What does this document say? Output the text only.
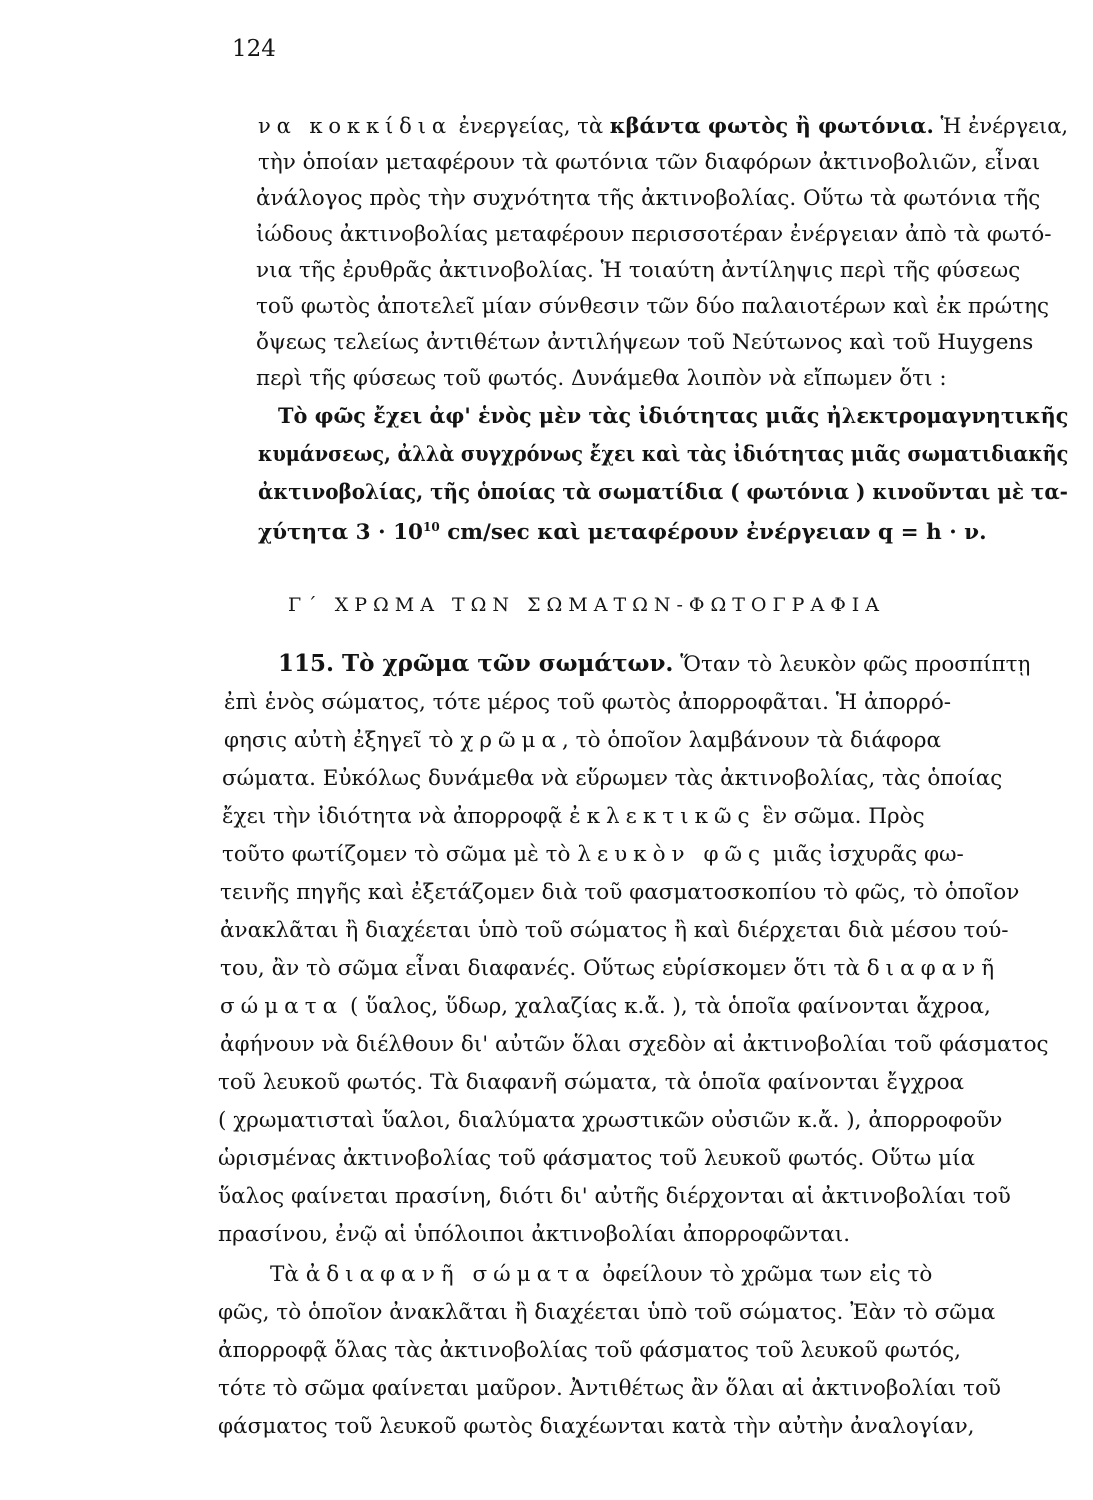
124

να κοκκίδια ἐνεργείας, τὰ κβάντα φωτὸς ἢ φωτόνια. Ἡ ἐνέργεια,

τὴν ὁποίαν μεταφέρουν τὰ φωτόνια τῶν διαφόρων ἀκτινοβολιῶν, εἶναι

ἀνάλογος πρὸς τὴν συχνότητα τῆς ἀκτινοβολίας. Οὕτω τὰ φωτόνια τῆς

ἰώδους ἀκτινοβολίας μεταφέρουν περισσοτέραν ἐνέργειαν ἀπὸ τὰ φωτό-

νια τῆς ἐρυθρᾶς ἀκτινοβολίας. Ἡ τοιαύτη ἀντίληψις περὶ τῆς φύσεως

τοῦ φωτὸς ἀποτελεῖ μίαν σύνθεσιν τῶν δύο παλαιοτέρων καὶ ἐκ πρώτης

ὄψεως τελείως ἀντιθέτων ἀντιλήψεων τοῦ Νεύτωνος καὶ τοῦ Huygens

περὶ τῆς φύσεως τοῦ φωτός. Δυνάμεθα λοιπὸν νὰ εἴπωμεν ὅτι :

Τὸ φῶς ἔχει ἀφ' ἑνὸς μὲν τὰς ἰδιότητας μιᾶς ἠλεκτρομαγνητικῆς

κυμάνσεως, ἀλλὰ συγχρόνως ἔχει καὶ τὰς ἰδιότητας μιᾶς σωματιδιακῆς

ἀκτινοβολίας, τῆς ὁποίας τὰ σωματίδια ( φωτόνια ) κινοῦνται μὲ τα-

χύτητα $3 \cdot 10^{10}$ cm/sec καὶ μεταφέρουν ἐνέργειαν q = h · ν.

Γ΄ ΧΡΩΜΑ ΤΩΝ ΣΩΜΑΤΩΝ-ΦΩΤΟΓΡΑΦΙΑ

115. Τὸ χρῶμα τῶν σωμάτων. Ὅταν τὸ λευκὸν φῶς προσπίπτῃ

ἐπὶ ἑνὸς σώματος, τότε μέρος τοῦ φωτὸς ἀπορροφᾶται. Ἡ ἀπορρό-

φησις αὐτὴ ἐξηγεῖ τὸ χρῶμα, τὸ ὁποῖον λαμβάνουν τὰ διάφορα

σώματα. Εὐκόλως δυνάμεθα νὰ εὕρωμεν τὰς ἀκτινοβολίας, τὰς ὁποίας

ἔχει τὴν ἰδιότητα νὰ ἀπορροφᾷ ἐκλεκτικῶς ἓν σῶμα. Πρὸς

τοῦτο φωτίζομεν τὸ σῶμα μὲ τὸ λευκὸν φῶς μιᾶς ἰσχυρᾶς φω-

τεινῆς πηγῆς καὶ ἐξετάζομεν διὰ τοῦ φασματοσκοπίου τὸ φῶς, τὸ ὁποῖον

ἀνακλᾶται ἢ διαχέεται ὑπὸ τοῦ σώματος ἢ καὶ διέρχεται διὰ μέσου τού-

του, ἂν τὸ σῶμα εἶναι διαφανές. Οὕτως εὑρίσκομεν ὅτι τὰ διαφανῆ

σώματα ( ὕαλος, ὕδωρ, χαλαζίας κ.ἄ. ), τὰ ὁποῖα φαίνονται ἄχροα,

ἀφήνουν νὰ διέλθουν δι' αὐτῶν ὅλαι σχεδὸν αἱ ἀκτινοβολίαι τοῦ φάσματος

τοῦ λευκοῦ φωτός. Τὰ διαφανῆ σώματα, τὰ ὁποῖα φαίνονται ἔγχροα

( χρωματισταὶ ὕαλοι, διαλύματα χρωστικῶν οὐσιῶν κ.ἄ. ), ἀπορροφοῦν

ὡρισμένας ἀκτινοβολίας τοῦ φάσματος τοῦ λευκοῦ φωτός. Οὕτω μία

ὕαλος φαίνεται πρασίνη, διότι δι' αὐτῆς διέρχονται αἱ ἀκτινοβολίαι τοῦ

πρασίνου, ἐνῷ αἱ ὑπόλοιποι ἀκτινοβολίαι ἀπορροφῶνται.

Τὰ ἀδιαφανῆ σώματα ὀφείλουν τὸ χρῶμα των εἰς τὸ

φῶς, τὸ ὁποῖον ἀνακλᾶται ἢ διαχέεται ὑπὸ τοῦ σώματος. Ἐὰν τὸ σῶμα

ἀπορροφᾷ ὅλας τὰς ἀκτινοβολίας τοῦ φάσματος τοῦ λευκοῦ φωτός,

τότε τὸ σῶμα φαίνεται μαῦρον. Ἀντιθέτως ἂν ὅλαι αἱ ἀκτινοβολίαι τοῦ

φάσματος τοῦ λευκοῦ φωτὸς διαχέωνται κατὰ τὴν αὐτὴν ἀναλογίαν,
